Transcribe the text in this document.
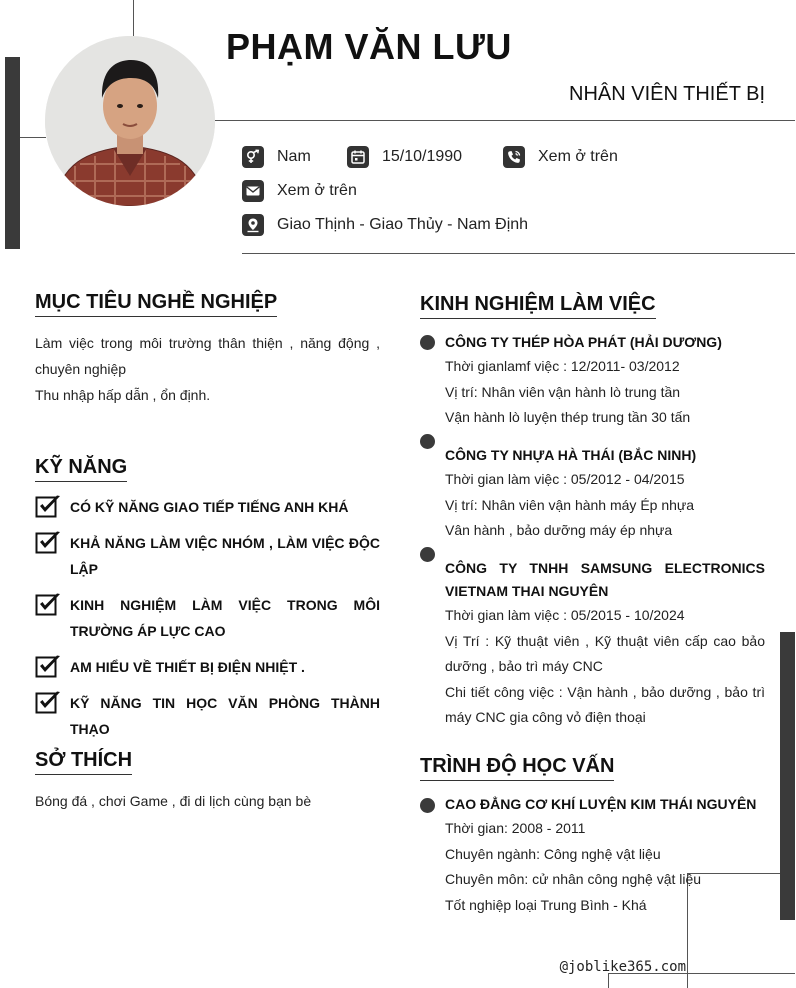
PHẠM VĂN LƯU
NHÂN VIÊN THIẾT BỊ
Nam	15/10/1990	Xem ở trên
Xem ở trên
Giao Thịnh - Giao Thủy - Nam Định
MỤC TIÊU NGHỀ NGHIỆP
Làm việc trong môi trường thân thiện , năng động , chuyên nghiệp
Thu nhập hấp dẫn , ổn định.
KỸ NĂNG
CÓ KỸ NĂNG GIAO TIẾP TIẾNG ANH KHÁ
KHẢ NĂNG LÀM VIỆC NHÓM , LÀM VIỆC ĐỘC LẬP
KINH NGHIỆM LÀM VIỆC TRONG MÔI TRƯỜNG ÁP LỰC CAO
AM HIỂU VỀ THIẾT BỊ ĐIỆN NHIỆT .
KỸ NĂNG TIN HỌC VĂN PHÒNG THÀNH THẠO
SỞ THÍCH
Bóng đá , chơi Game , đi di lịch cùng bạn bè
KINH NGHIỆM LÀM VIỆC
CÔNG TY THÉP HÒA PHÁT (HẢI DƯƠNG)
Thời gianlamf việc : 12/2011- 03/2012
Vị trí: Nhân viên vận hành lò trung tần
Vận hành lò luyện thép trung tần 30 tấn
CÔNG TY NHỰA HÀ THÁI (BẮC NINH)
Thời gian làm việc : 05/2012 - 04/2015
Vị trí: Nhân viên vận hành máy Ép nhựa
Vân hành , bảo dưỡng máy ép nhựa
CÔNG TY TNHH SAMSUNG ELECTRONICS VIETNAM THAI NGUYÊN
Thời gian làm việc : 05/2015 - 10/2024
Vị Trí : Kỹ thuật viên , Kỹ thuật viên cấp cao bảo dưỡng , bảo trì máy CNC
Chi tiết công việc : Vận hành , bảo dưỡng , bảo trì máy CNC gia công vỏ điện thoại
TRÌNH ĐỘ HỌC VẤN
CAO ĐẲNG CƠ KHÍ LUYỆN KIM THÁI NGUYÊN
Thời gian: 2008 - 2011
Chuyên ngành: Công nghệ vật liệu
Chuyên môn: cử nhân công nghệ vật liệu
Tốt nghiệp loại Trung Bình - Khá
@joblike365.com
